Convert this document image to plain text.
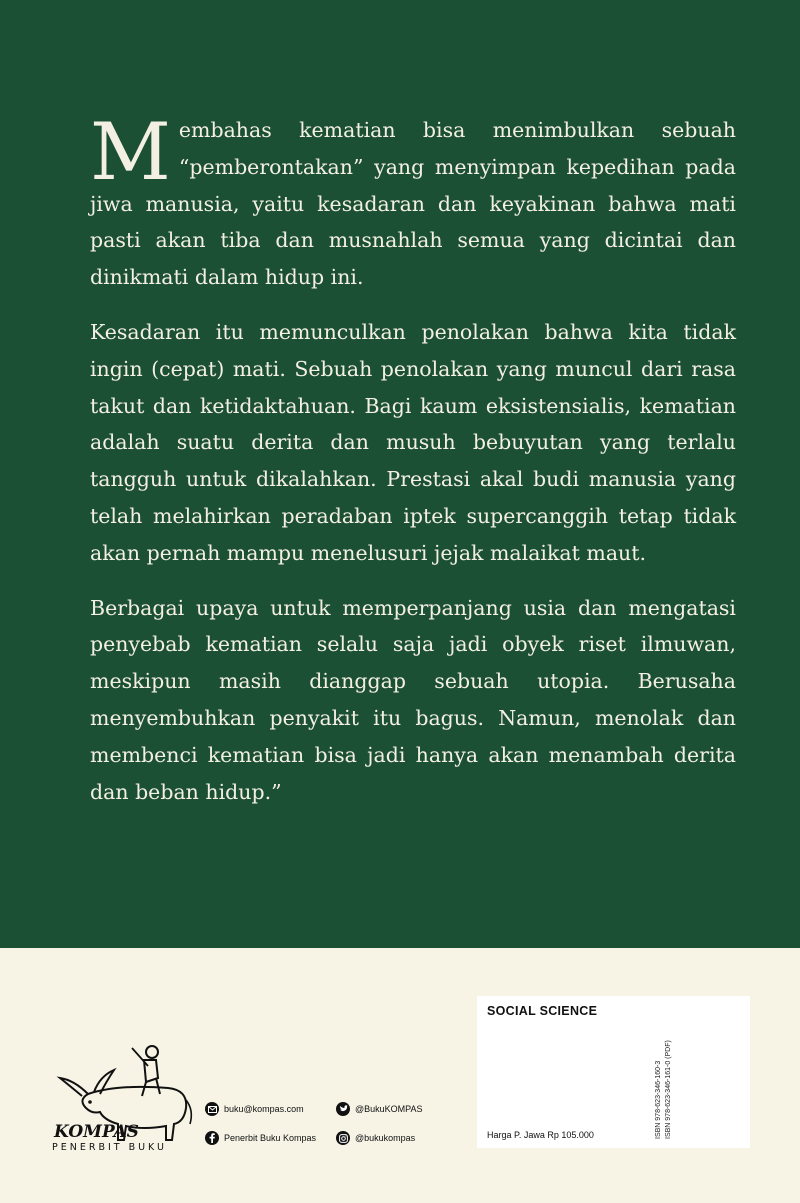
Membahas kematian bisa menimbulkan sebuah “pemberontakan” yang menyimpan kepedihan pada jiwa manusia, yaitu kesadaran dan keyakinan bahwa mati pasti akan tiba dan musnahlah semua yang dicintai dan dinikmati dalam hidup ini.

Kesadaran itu memunculkan penolakan bahwa kita tidak ingin (cepat) mati. Sebuah penolakan yang muncul dari rasa takut dan ketidaktahuan. Bagi kaum eksistensialis, kematian adalah suatu derita dan musuh bebuyutan yang terlalu tangguh untuk dikalahkan. Prestasi akal budi manusia yang telah melahirkan peradaban iptek supercanggih tetap tidak akan pernah mampu menelusuri jejak malaikat maut.

Berbagai upaya untuk memperpanjang usia dan mengatasi penyebab kematian selalu saja jadi obyek riset ilmuwan, meskipun masih dianggap sebuah utopia. Berusaha menyembuhkan penyakit itu bagus. Namun, menolak dan membenci kematian bisa jadi hanya akan menambah derita dan beban hidup.”

KOMPAS
PENERBIT BUKU
buku@kompas.com	@BukuKOMPAS
Penerbit Buku Kompas	@bukukompas
SOCIAL SCIENCE
ISBN 978-623-346-160-3 ISBN 978-623-346-161-0 (PDF)
Harga P. Jawa Rp 105.000
